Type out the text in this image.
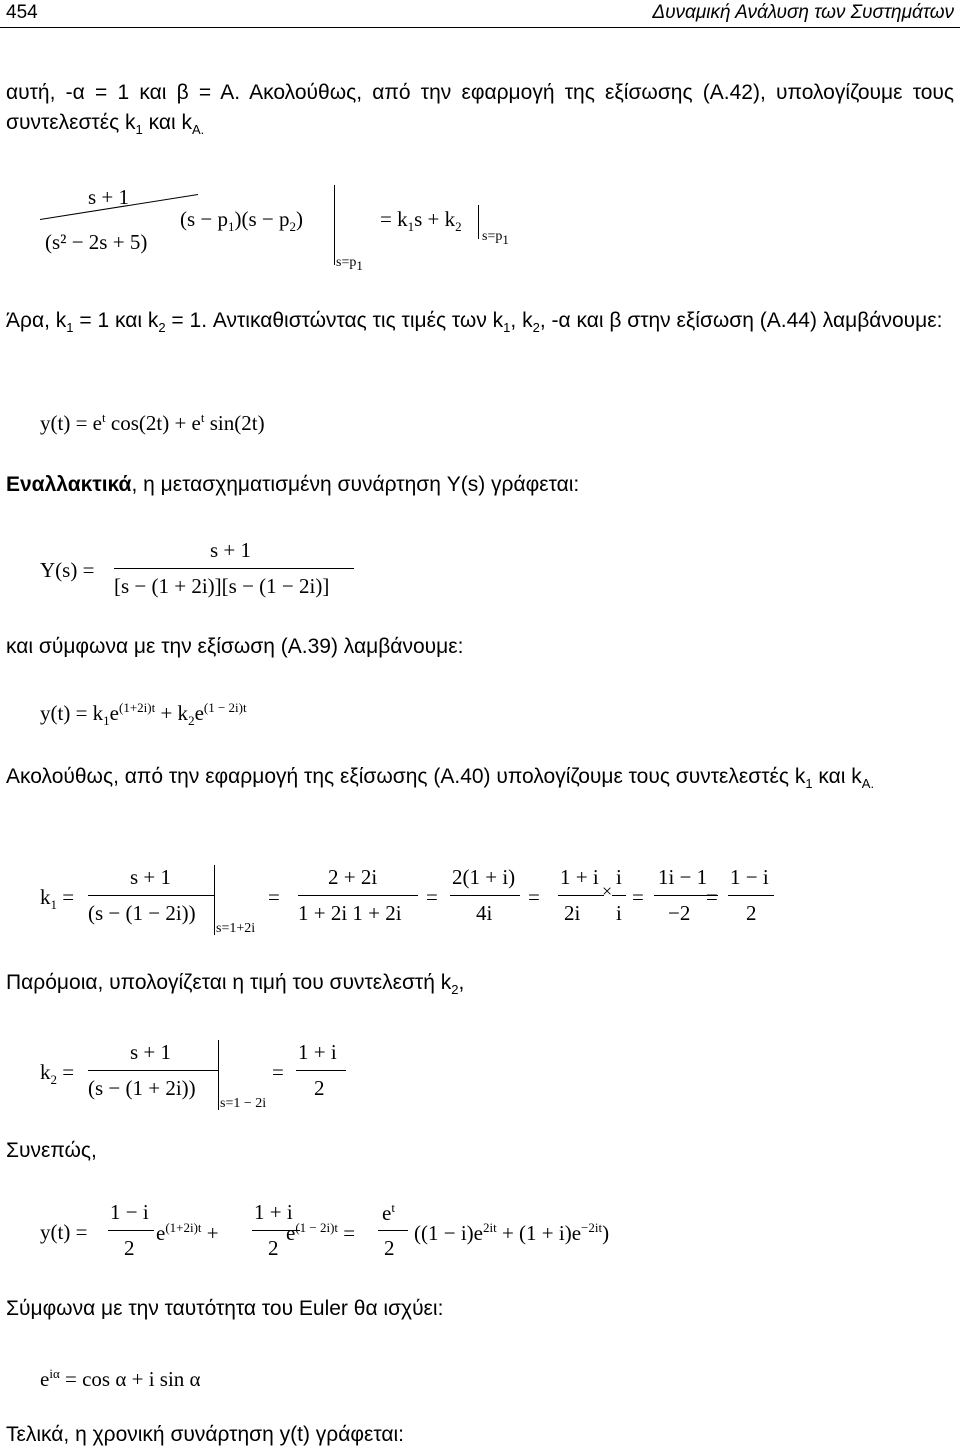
454	Δυναμική Ανάλυση των Συστημάτων
αυτή, -α = 1 και β = Α. Ακολούθως, από την εφαρμογή της εξίσωσης (Α.42), υπολογίζουμε τους συντελεστές $k_1$ και $k_{A.}$
s + 1
(s² − 2s + 5)
$(s - p_1)(s - p_2)$
$s=p_1$
= $k_1s + k_2$
$s=p_1$
Άρα, $k_1 = 1$ και $k_2 = 1$. Αντικαθιστώντας τις τιμές των $k_1$, $k_2$, -α και β στην εξίσωση (Α.44) λαμβάνουμε:
$y(t) = e^t$ $\cos(2t) + e^t$ sin(2t)
Εναλλακτικά, η μετασχηματισμένη συνάρτηση Y(s) γράφεται:
Y(s) =
s + 1
[s − (1 + 2i)][s − (1 − 2i)]
και σύμφωνα με την εξίσωση (Α.39) λαμβάνουμε:
$y(t) = k_1e^{(1+2i)t} + k_2e^{(1 - 2i)t}$
Ακολούθως, από την εφαρμογή της εξίσωσης (Α.40) υπολογίζουμε τους συντελεστές $k_1$ και $k_{A.}$
$k_1$ =
s + 1
(s − (1 − 2i))
s=1+2i
=
2 + 2i
1 + 2i 1 + 2i
=
2(1 + i)
4i
=
1 + i
2i
×
i
i
=
1i − 1
−2
=
1 − i
2
Παρόμοια, υπολογίζεται η τιμή του συντελεστή $k_2$,
$k_2$ =
s + 1
(s − (1 + 2i))
s=1 − 2i
=
1 + i
2
Συνεπώς,
y(t) =
1 − i
2
$e^{(1+2i)t}$ +
1 + i
2
$e^{(1 - 2i)t}$ =
$e^t$
2
$((1 - i)e^{2it} + (1 + i)e^{-2it})$
Σύμφωνα με την ταυτότητα του Euler θα ισχύει:
$e^{i\alpha} = \cos \alpha + i$ sin α
Τελικά, η χρονική συνάρτηση y(t) γράφεται:
